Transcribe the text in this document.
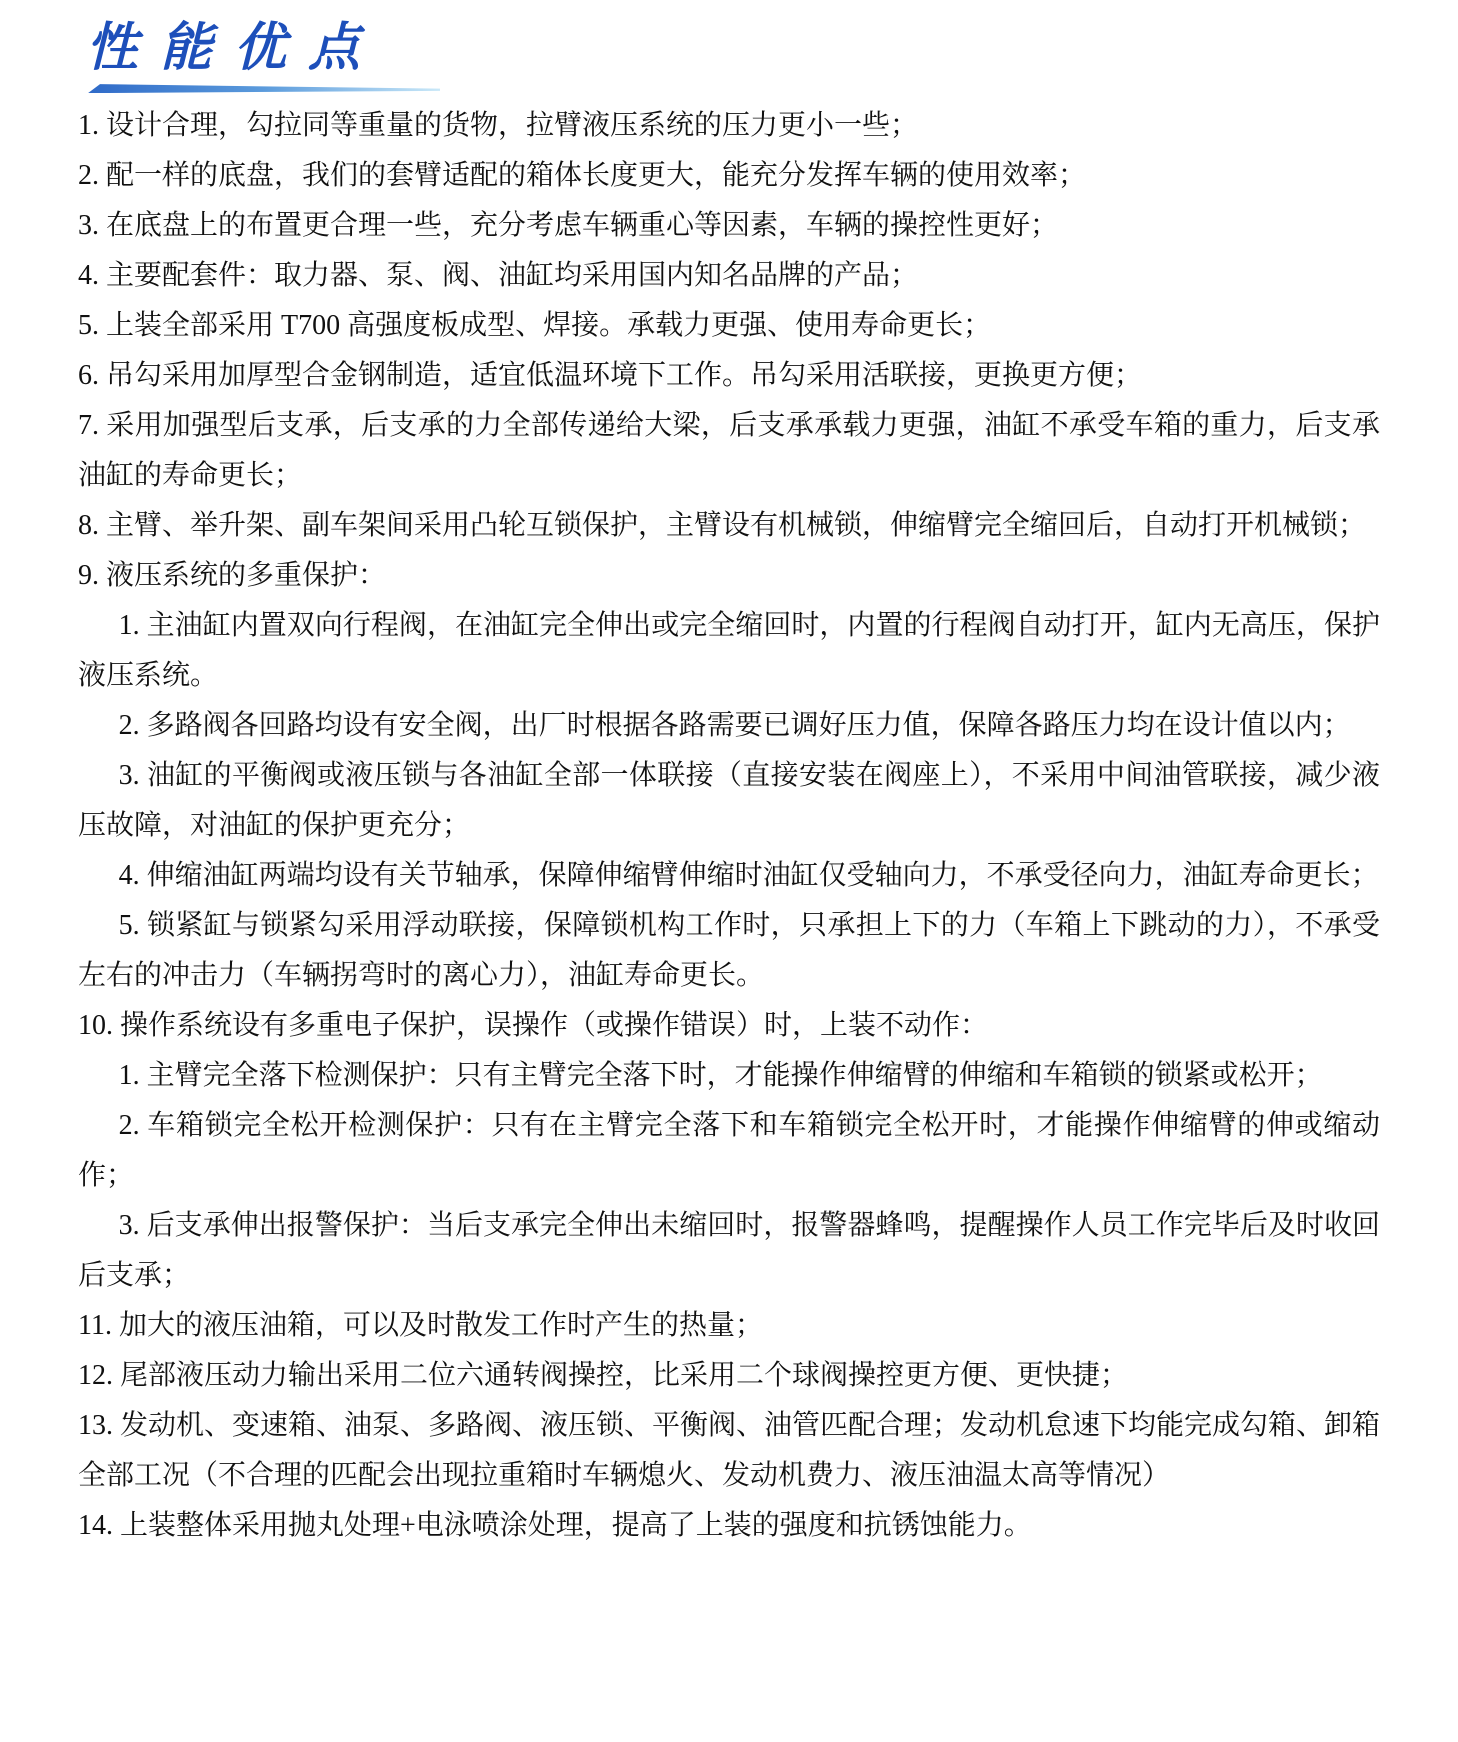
性能优点

1. 设计合理，勾拉同等重量的货物，拉臂液压系统的压力更小一些；

2. 配一样的底盘，我们的套臂适配的箱体长度更大，能充分发挥车辆的使用效率；

3. 在底盘上的布置更合理一些，充分考虑车辆重心等因素，车辆的操控性更好；

4. 主要配套件：取力器、泵、阀、油缸均采用国内知名品牌的产品；

5. 上装全部采用 T700 高强度板成型、焊接。承载力更强、使用寿命更长；

6. 吊勾采用加厚型合金钢制造，适宜低温环境下工作。吊勾采用活联接，更换更方便；

7. 采用加强型后支承，后支承的力全部传递给大梁，后支承承载力更强，油缸不承受车箱的重力，后支承油缸的寿命更长；

8. 主臂、举升架、副车架间采用凸轮互锁保护，主臂设有机械锁，伸缩臂完全缩回后，自动打开机械锁；

9. 液压系统的多重保护：

1. 主油缸内置双向行程阀，在油缸完全伸出或完全缩回时，内置的行程阀自动打开，缸内无高压，保护液压系统。

2. 多路阀各回路均设有安全阀，出厂时根据各路需要已调好压力值，保障各路压力均在设计值以内；

3. 油缸的平衡阀或液压锁与各油缸全部一体联接（直接安装在阀座上），不采用中间油管联接，减少液压故障，对油缸的保护更充分；

4. 伸缩油缸两端均设有关节轴承，保障伸缩臂伸缩时油缸仅受轴向力，不承受径向力，油缸寿命更长；

5. 锁紧缸与锁紧勾采用浮动联接，保障锁机构工作时，只承担上下的力（车箱上下跳动的力），不承受左右的冲击力（车辆拐弯时的离心力），油缸寿命更长。

10. 操作系统设有多重电子保护，误操作（或操作错误）时，上装不动作：

1. 主臂完全落下检测保护：只有主臂完全落下时，才能操作伸缩臂的伸缩和车箱锁的锁紧或松开；

2. 车箱锁完全松开检测保护：只有在主臂完全落下和车箱锁完全松开时，才能操作伸缩臂的伸或缩动作；

3. 后支承伸出报警保护：当后支承完全伸出未缩回时，报警器蜂鸣，提醒操作人员工作完毕后及时收回后支承；

11. 加大的液压油箱，可以及时散发工作时产生的热量；

12. 尾部液压动力输出采用二位六通转阀操控，比采用二个球阀操控更方便、更快捷；

13. 发动机、变速箱、油泵、多路阀、液压锁、平衡阀、油管匹配合理；发动机怠速下均能完成勾箱、卸箱全部工况（不合理的匹配会出现拉重箱时车辆熄火、发动机费力、液压油温太高等情况）

14. 上装整体采用抛丸处理+电泳喷涂处理，提高了上装的强度和抗锈蚀能力。
